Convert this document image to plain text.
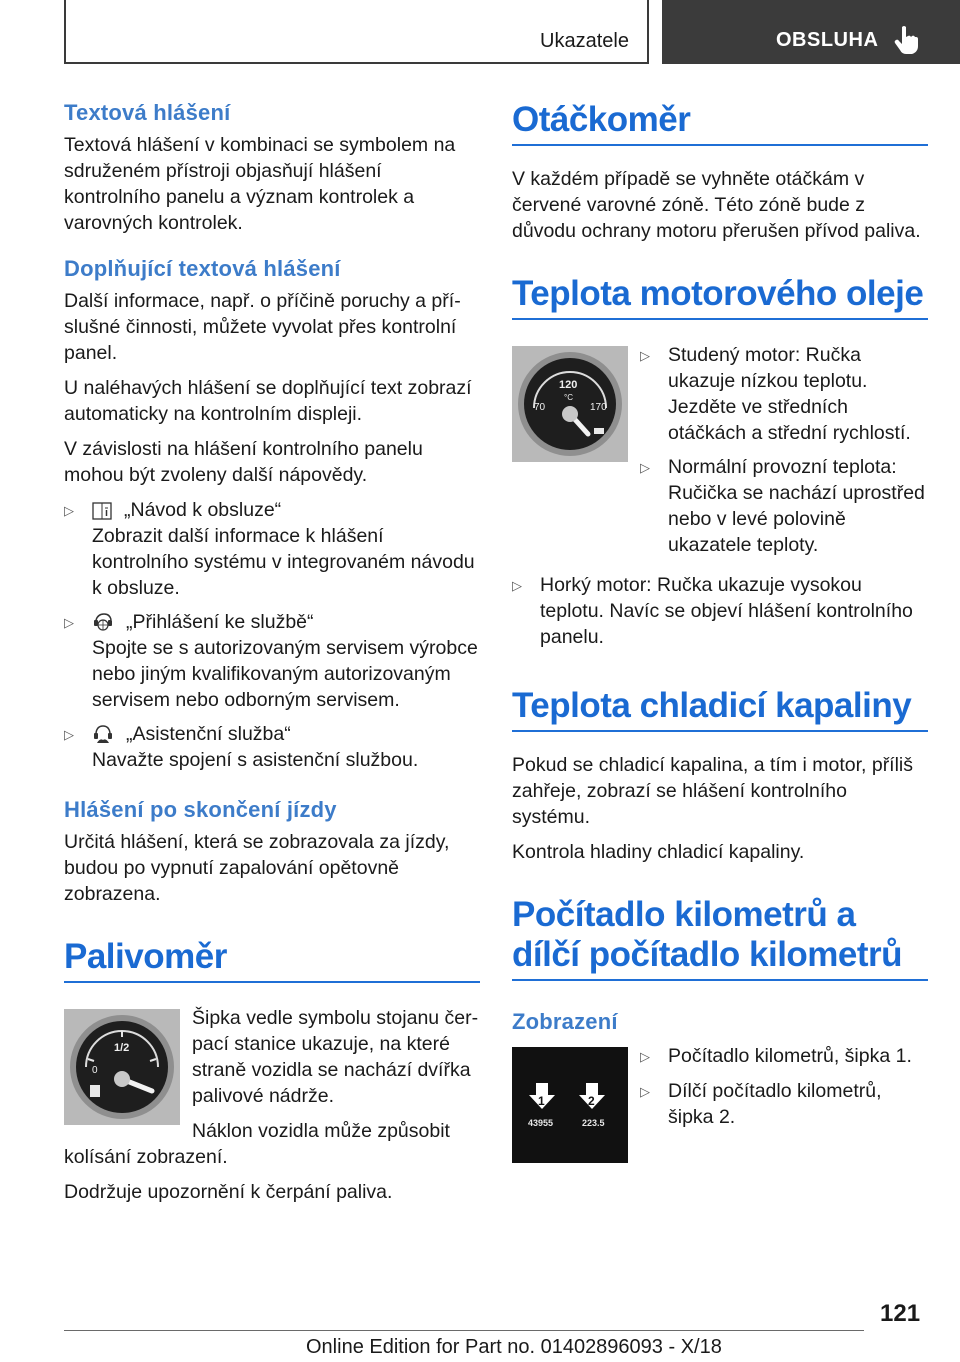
Ukazatele	OBSLUHA
Textová hlášení

Textová hlášení v kombinaci se symbolem na sdruženém přístroji objasňují hlášení kontrolního panelu a význam kontrolek a varovných kontrolek.

Doplňující textová hlášení

Další informace, např. o příčině poruchy a příslušné činnosti, můžete vyvolat přes kontrolní panel.

U naléhavých hlášení se doplňující text zobrazí automaticky na kontrolním displeji.

V závislosti na hlášení kontrolního panelu mohou být zvoleny další nápovědy.

▷	„Návod k obsluze“
Zobrazit další informace k hlášení kontrolního systému v integrovaném návodu k obsluze.
▷	„Přihlášení ke službě“
Spojte se s autorizovaným servisem výrobce nebo jiným kvalifikovaným autorizovaným servisem nebo odborným servisem.
▷	„Asistenční služba“
Navažte spojení s asistenční službou.
Hlášení po skončení jízdy

Určitá hlášení, která se zobrazovala za jízdy, budou po vypnutí zapalování opětovně zobrazena.

Palivoměr
1/2
0

Šipka vedle symbolu stojanu čerpací stanice ukazuje, na které straně vozidla se nachází dvířka palivové nádrže.

Náklon vozidla může způsobit kolísání zobrazení.

Dodržuje upozornění k čerpání paliva.

Otáčkoměr

V každém případě se vyhněte otáčkám v červené varovné zóně. Této zóně bude z důvodu ochrany motoru přerušen přívod paliva.

Teplota motorového oleje
120
°C
70	170
▷ Studený motor: Ručka ukazuje nízkou teplotu. Jezděte ve středních otáčkách a střední rychlostí.
▷ Normální provozní teplota: Ručička se nachází uprostřed nebo v levé polovině ukazatele teploty.
▷ Horký motor: Ručka ukazuje vysokou teplotu. Navíc se objeví hlášení kontrolního panelu.
Teplota chladicí kapaliny

Pokud se chladicí kapalina, a tím i motor, příliš zahřeje, zobrazí se hlášení kontrolního systému.

Kontrola hladiny chladicí kapaliny.

Počítadlo kilometrů a dílčí počítadlo kilometrů
Zobrazení
1	2
43955	223.5
▷ Počítadlo kilometrů, šipka 1.
▷ Dílčí počítadlo kilometrů, šipka 2.
121
Online Edition for Part no. 01402896093 - X/18
